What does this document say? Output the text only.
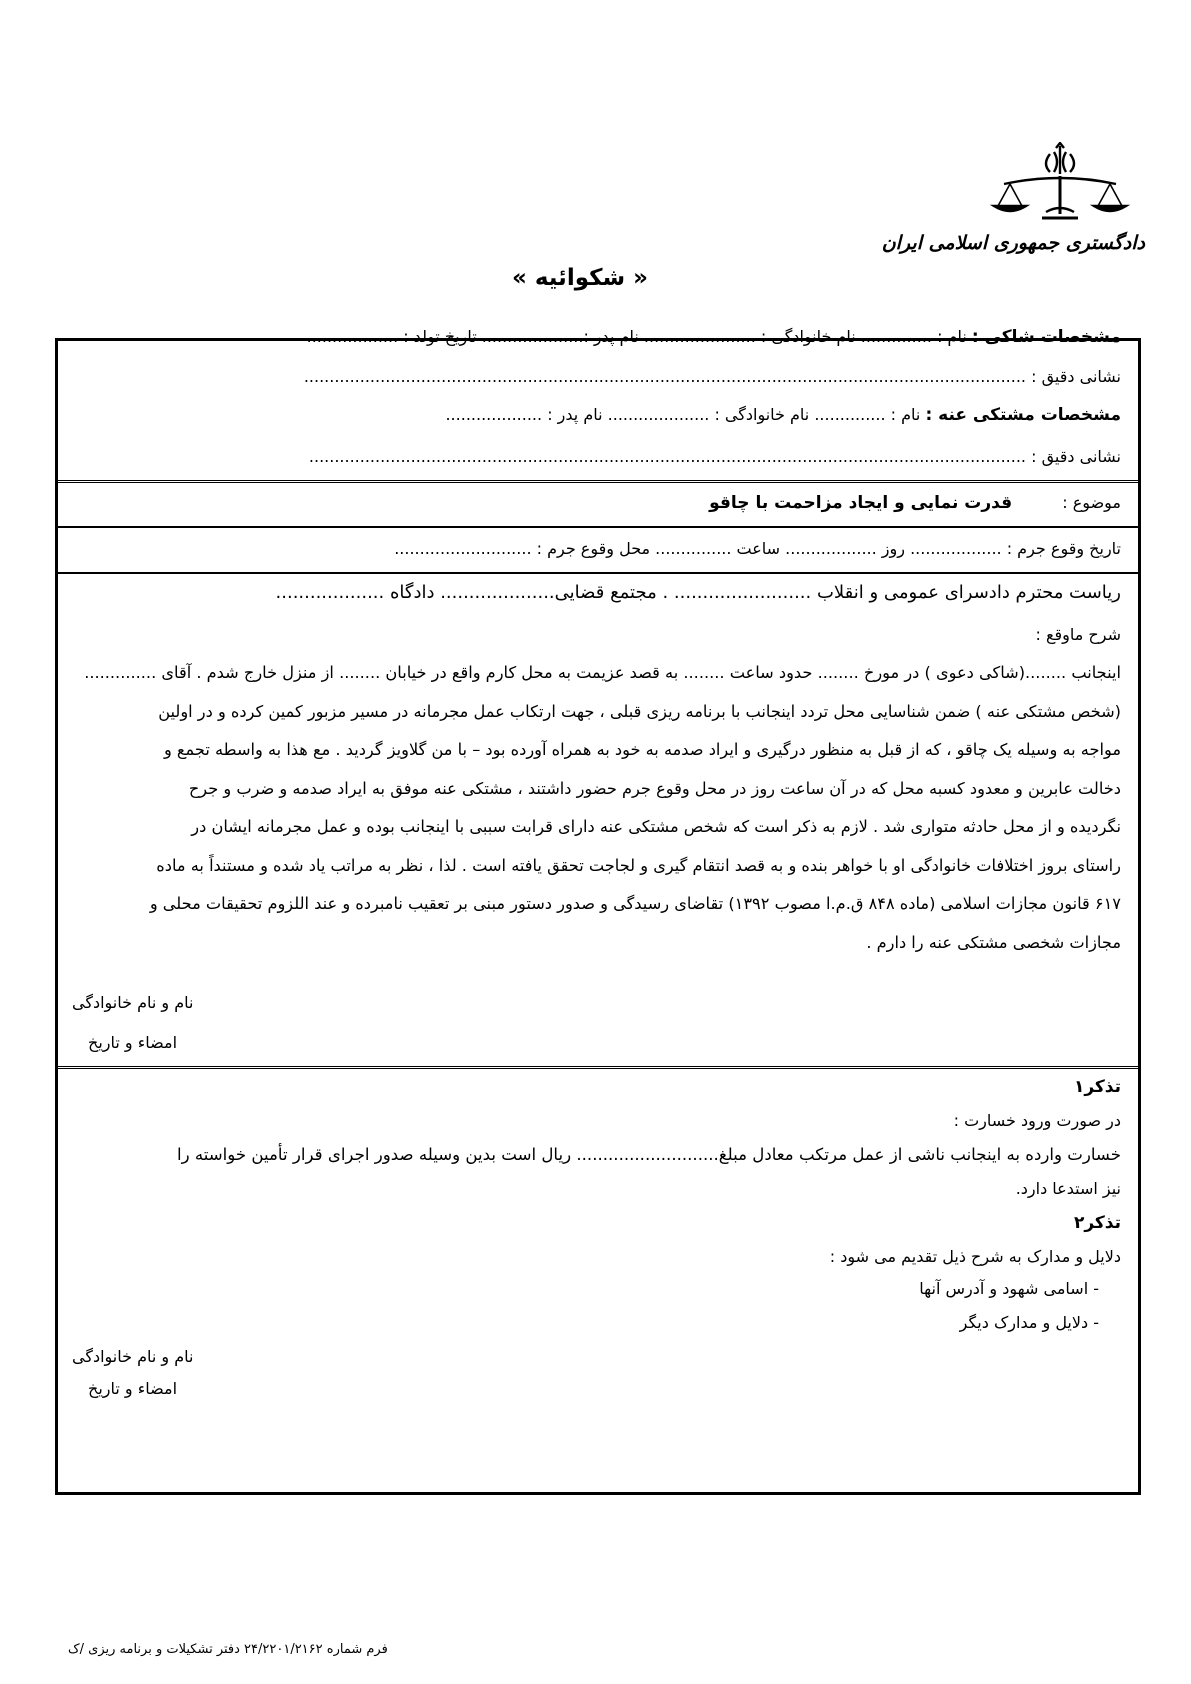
دادگستری جمهوری اسلامی ایران
« شکوائیه »
مشخصات شاکی : نام : .............. نام خانوادگی : ...................... نام پدر :.................... تاریخ تولد : ..................
نشانی دقیق : ..............................................................................................................................................
مشخصات مشتکی عنه : نام : .............. نام خانوادگی : .................... نام پدر : ...................
نشانی دقیق : .............................................................................................................................................
موضوع :  قدرت نمایی و ایجاد مزاحمت با چاقو
تاریخ وقوع جرم : .................. روز .................. ساعت ............... محل وقوع جرم : ...........................
ریاست محترم دادسرای عمومی و انقلاب ........................ . مجتمع قضایی.................... دادگاه ...................
شرح ماوقع :

اینجانب ........(شاکی دعوی ) در مورخ ........ حدود ساعت ........ به قصد عزیمت به محل کارم واقع در خیابان ........ از منزل خارج شدم . آقای ..............

(شخص مشتکی عنه ) ضمن شناسایی محل تردد اینجانب با برنامه ریزی قبلی ، جهت ارتکاب عمل مجرمانه در مسیر مزبور کمین کرده و در اولین

مواجه به وسیله یک چاقو ، که از قبل به منظور درگیری و ایراد صدمه به خود به همراه آورده بود – با من گلاویز گردید . مع هذا به واسطه تجمع و

دخالت عابرین و معدود کسبه محل که در آن ساعت روز در محل وقوع جرم حضور داشتند ، مشتکی عنه موفق به ایراد صدمه و ضرب و جرح

نگردیده و از محل حادثه متواری شد . لازم به ذکر است که شخص مشتکی عنه دارای قرابت سببی با اینجانب بوده و عمل مجرمانه ایشان در

راستای بروز اختلافات خانوادگی او با خواهر بنده و به قصد انتقام گیری و لجاجت تحقق یافته است . لذا ، نظر به مراتب یاد شده و مستنداً به ماده

۶۱۷ قانون مجازات اسلامی (ماده ۸۴۸ ق.م.ا مصوب ۱۳۹۲) تقاضای رسیدگی و صدور دستور مبنی بر تعقیب نامبرده و عند اللزوم تحقیقات محلی و

مجازات شخصی مشتکی عنه را دارم .

نام و نام خانوادگی
امضاء و تاریخ
تذکر۱
در صورت ورود خسارت :
خسارت وارده به اینجانب ناشی از عمل مرتکب معادل مبلغ........................... ریال است بدین وسیله صدور اجرای قرار تأمین خواسته را
نیز استدعا دارد.
تذکر۲
دلایل و مدارک به شرح ذیل تقدیم می شود :
- اسامی شهود و آدرس آنها
- دلایل و مدارک دیگر
نام و نام خانوادگی
امضاء و تاریخ
فرم شماره ۲۴/۲۲۰۱/۲۱۶۲ دفتر تشکیلات و برنامه ریزی /ک
